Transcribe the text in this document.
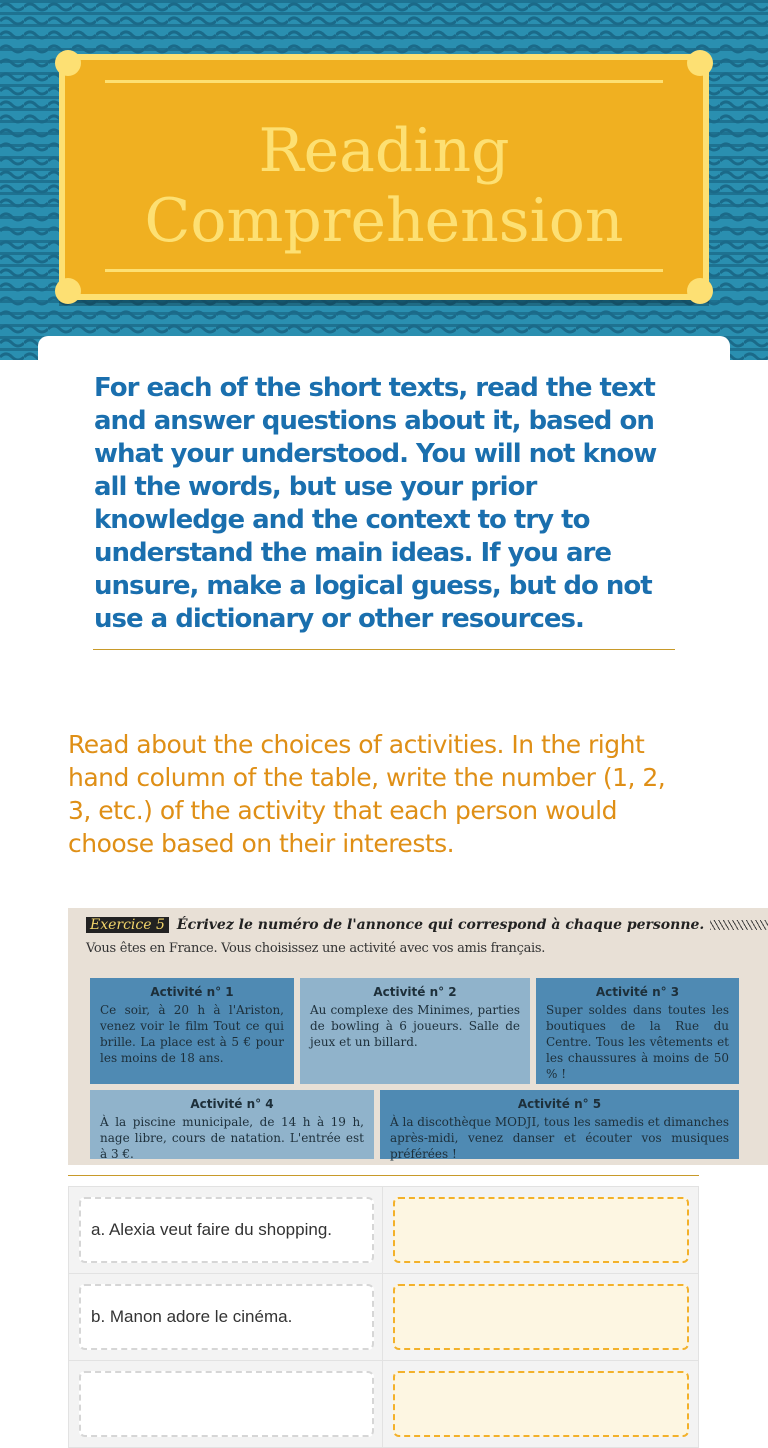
Reading
Comprehension

For each of the short texts, read the text and answer questions about it, based on what your understood. You will not know all the words, but use your prior knowledge and the context to try to understand the main ideas. If you are unsure, make a logical guess, but do not use a dictionary or other resources.

Read about the choices of activities. In the right hand column of the table, write the number (1, 2, 3, etc.) of the activity that each person would choose based on their interests.

Exercice 5 Écrivez le numéro de l'annonce qui correspond à chaque personne.
Vous êtes en France. Vous choisissez une activité avec vos amis français.
Activité n° 1
Ce soir, à 20 h à l'Ariston, venez voir le film Tout ce qui brille. La place est à 5 € pour les moins de 18 ans.
Activité n° 2
Au complexe des Minimes, parties de bowling à 6 joueurs. Salle de jeux et un billard.
Activité n° 3
Super soldes dans toutes les boutiques de la Rue du Centre. Tous les vêtements et les chaussures à moins de 50 % !
Activité n° 4
À la piscine municipale, de 14 h à 19 h, nage libre, cours de natation. L'entrée est à 3 €.
Activité n° 5
À la discothèque MODJI, tous les samedis et dimanches après-midi, venez danser et écouter vos musiques préférées !
a. Alexia veut faire du shopping.
b. Manon adore le cinéma.
